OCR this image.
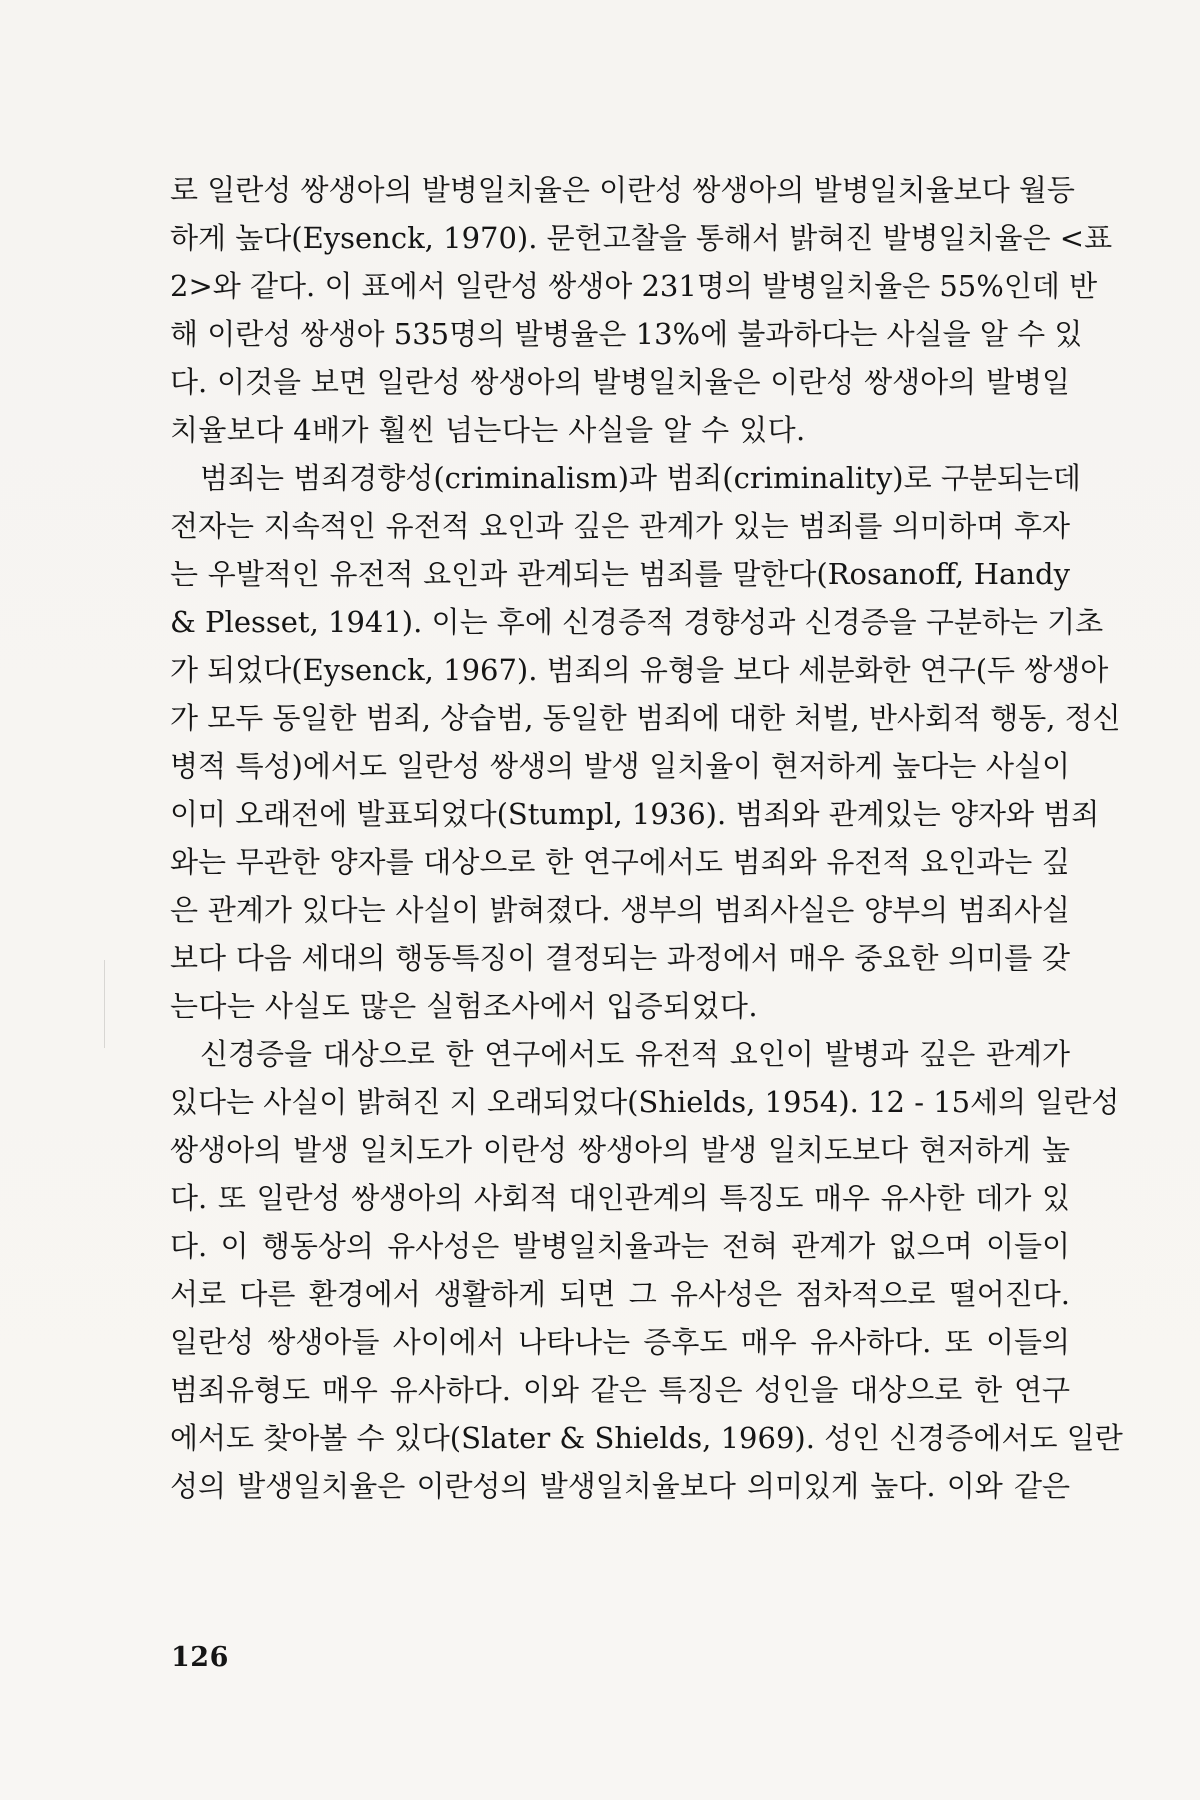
로 일란성 쌍생아의 발병일치율은 이란성 쌍생아의 발병일치율보다 월등
하게 높다(Eysenck, 1970). 문헌고찰을 통해서 밝혀진 발병일치율은 <표
2>와 같다. 이 표에서 일란성 쌍생아 231명의 발병일치율은 55%인데 반
해 이란성 쌍생아 535명의 발병율은 13%에 불과하다는 사실을 알 수 있
다. 이것을 보면 일란성 쌍생아의 발병일치율은 이란성 쌍생아의 발병일
치율보다 4배가 훨씬 넘는다는 사실을 알 수 있다.
범죄는 범죄경향성(criminalism)과 범죄(criminality)로 구분되는데
전자는 지속적인 유전적 요인과 깊은 관계가 있는 범죄를 의미하며 후자
는 우발적인 유전적 요인과 관계되는 범죄를 말한다(Rosanoff, Handy
& Plesset, 1941). 이는 후에 신경증적 경향성과 신경증을 구분하는 기초
가 되었다(Eysenck, 1967). 범죄의 유형을 보다 세분화한 연구(두 쌍생아
가 모두 동일한 범죄, 상습범, 동일한 범죄에 대한 처벌, 반사회적 행동, 정신
병적 특성)에서도 일란성 쌍생의 발생 일치율이 현저하게 높다는 사실이
이미 오래전에 발표되었다(Stumpl, 1936). 범죄와 관계있는 양자와 범죄
와는 무관한 양자를 대상으로 한 연구에서도 범죄와 유전적 요인과는 깊
은 관계가 있다는 사실이 밝혀졌다. 생부의 범죄사실은 양부의 범죄사실
보다 다음 세대의 행동특징이 결정되는 과정에서 매우 중요한 의미를 갖
는다는 사실도 많은 실험조사에서 입증되었다.
신경증을 대상으로 한 연구에서도 유전적 요인이 발병과 깊은 관계가
있다는 사실이 밝혀진 지 오래되었다(Shields, 1954). 12 - 15세의 일란성
쌍생아의 발생 일치도가 이란성 쌍생아의 발생 일치도보다 현저하게 높
다. 또 일란성 쌍생아의 사회적 대인관계의 특징도 매우 유사한 데가 있
다. 이 행동상의 유사성은 발병일치율과는 전혀 관계가 없으며 이들이
서로 다른 환경에서 생활하게 되면 그 유사성은 점차적으로 떨어진다.
일란성 쌍생아들 사이에서 나타나는 증후도 매우 유사하다. 또 이들의
범죄유형도 매우 유사하다. 이와 같은 특징은 성인을 대상으로 한 연구
에서도 찾아볼 수 있다(Slater & Shields, 1969). 성인 신경증에서도 일란
성의 발생일치율은 이란성의 발생일치율보다 의미있게 높다. 이와 같은
126
